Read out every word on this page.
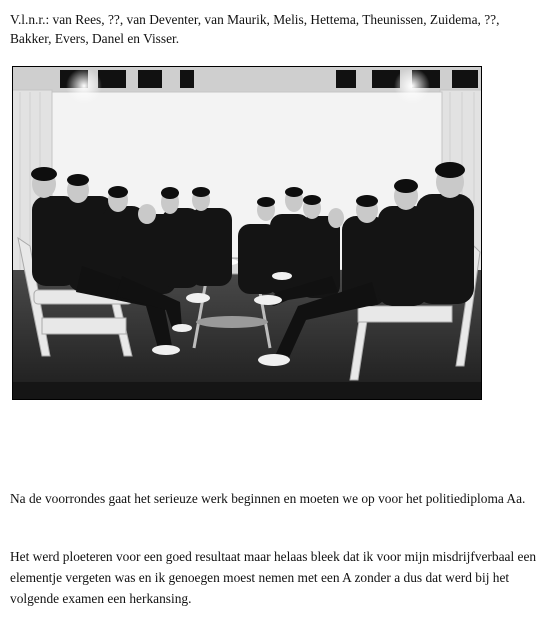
V.l.n.r.: van Rees, ??, van Deventer, van Maurik, Melis, Hettema, Theunissen, Zuidema, ??, Bakker, Evers, Danel en Visser.
Na de voorrondes gaat het serieuze werk beginnen en moeten we op voor het politiediploma Aa.
Het werd ploeteren voor een goed resultaat maar helaas bleek dat ik voor mijn misdrijfverbaal een elementje vergeten was en ik genoegen moest nemen met een A zonder a dus dat werd bij het volgende examen een herkansing.
